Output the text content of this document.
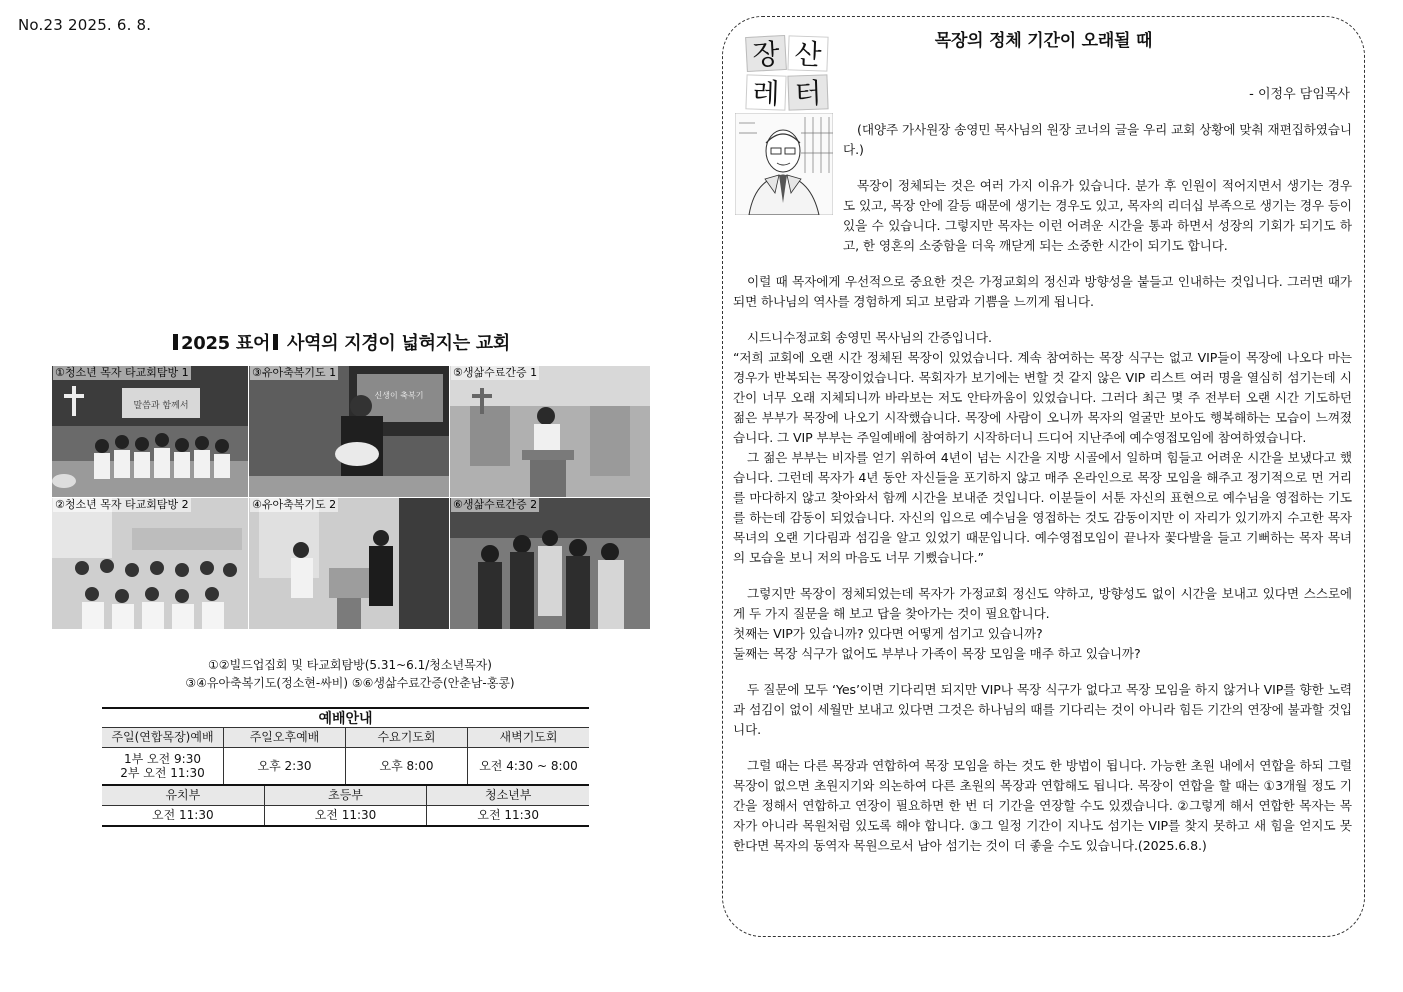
No.23 2025. 6. 8.
2025 표어 사역의 지경이 넓혀지는 교회
①청소년 목자 타교회탐방 1
말씀과 함께서
③유아축복기도 1
신생이 축복기
⑤생삶수료간증 1
②청소년 목자 타교회탐방 2	④유아축복기도 2	⑥생삶수료간증 2
①②빌드업집회 및 타교회탐방(5.31~6.1/청소년목자)
③④유아축복기도(정소현-싸비) ⑤⑥생삶수료간증(안춘남-홍콩)
예배안내
주일(연합목장)예배	주일오후예배	수요기도회	새벽기도회
1부 오전 9:30
2부 오전 11:30	오후 2:30	오후 8:00	오전 4:30 ~ 8:00
유치부	초등부	청소년부
오전 11:30	오전 11:30	오전 11:30
목장의 정체 기간이 오래될 때
장 산
레 터	- 이정우 담임목사

(대양주 가사원장 송영민 목사님의 원장 코너의 글을 우리 교회 상황에 맞춰 재편집하였습니다.)

목장이 정체되는 것은 여러 가지 이유가 있습니다. 분가 후 인원이 적어지면서 생기는 경우도 있고, 목장 안에 갈등 때문에 생기는 경우도 있고, 목자의 리더십 부족으로 생기는 경우 등이 있을 수 있습니다. 그렇지만 목자는 이런 어려운 시간을 통과 하면서 성장의 기회가 되기도 하고, 한 영혼의 소중함을 더욱 깨닫게 되는 소중한 시간이 되기도 합니다.

이럴 때 목자에게 우선적으로 중요한 것은 가정교회의 정신과 방향성을 붙들고 인내하는 것입니다. 그러면 때가 되면 하나님의 역사를 경험하게 되고 보람과 기쁨을 느끼게 됩니다.

시드니수정교회 송영민 목사님의 간증입니다.

“저희 교회에 오랜 시간 정체된 목장이 있었습니다. 계속 참여하는 목장 식구는 없고 VIP들이 목장에 나오다 마는 경우가 반복되는 목장이었습니다. 목회자가 보기에는 변할 것 같지 않은 VIP 리스트 여러 명을 열심히 섬기는데 시간이 너무 오래 지체되니까 바라보는 저도 안타까움이 있었습니다. 그러다 최근 몇 주 전부터 오랜 시간 기도하던 젊은 부부가 목장에 나오기 시작했습니다. 목장에 사람이 오니까 목자의 얼굴만 보아도 행복해하는 모습이 느껴졌습니다. 그 VIP 부부는 주일예배에 참여하기 시작하더니 드디어 지난주에 예수영접모임에 참여하였습니다.

그 젊은 부부는 비자를 얻기 위하여 4년이 넘는 시간을 지방 시골에서 일하며 힘들고 어려운 시간을 보냈다고 했습니다. 그런데 목자가 4년 동안 자신들을 포기하지 않고 매주 온라인으로 목장 모임을 해주고 정기적으로 먼 거리를 마다하지 않고 찾아와서 함께 시간을 보내준 것입니다. 이분들이 서툰 자신의 표현으로 예수님을 영접하는 기도를 하는데 감동이 되었습니다. 자신의 입으로 예수님을 영접하는 것도 감동이지만 이 자리가 있기까지 수고한 목자 목녀의 오랜 기다림과 섬김을 알고 있었기 때문입니다. 예수영접모임이 끝나자 꽃다발을 들고 기뻐하는 목자 목녀의 모습을 보니 저의 마음도 너무 기뻤습니다.”

그렇지만 목장이 정체되었는데 목자가 가정교회 정신도 약하고, 방향성도 없이 시간을 보내고 있다면 스스로에게 두 가지 질문을 해 보고 답을 찾아가는 것이 필요합니다.

첫째는 VIP가 있습니까? 있다면 어떻게 섬기고 있습니까?

둘째는 목장 식구가 없어도 부부나 가족이 목장 모임을 매주 하고 있습니까?

두 질문에 모두 ‘Yes’이면 기다리면 되지만 VIP나 목장 식구가 없다고 목장 모임을 하지 않거나 VIP를 향한 노력과 섬김이 없이 세월만 보내고 있다면 그것은 하나님의 때를 기다리는 것이 아니라 힘든 기간의 연장에 불과할 것입니다.

그럴 때는 다른 목장과 연합하여 목장 모임을 하는 것도 한 방법이 됩니다. 가능한 초원 내에서 연합을 하되 그럴 목장이 없으면 초원지기와 의논하여 다른 초원의 목장과 연합해도 됩니다. 목장이 연합을 할 때는 ①3개월 정도 기간을 정해서 연합하고 연장이 필요하면 한 번 더 기간을 연장할 수도 있겠습니다. ②그렇게 해서 연합한 목자는 목자가 아니라 목원처럼 있도록 해야 합니다. ③그 일정 기간이 지나도 섬기는 VIP를 찾지 못하고 새 힘을 얻지도 못한다면 목자의 동역자 목원으로서 남아 섬기는 것이 더 좋을 수도 있습니다.(2025.6.8.)
